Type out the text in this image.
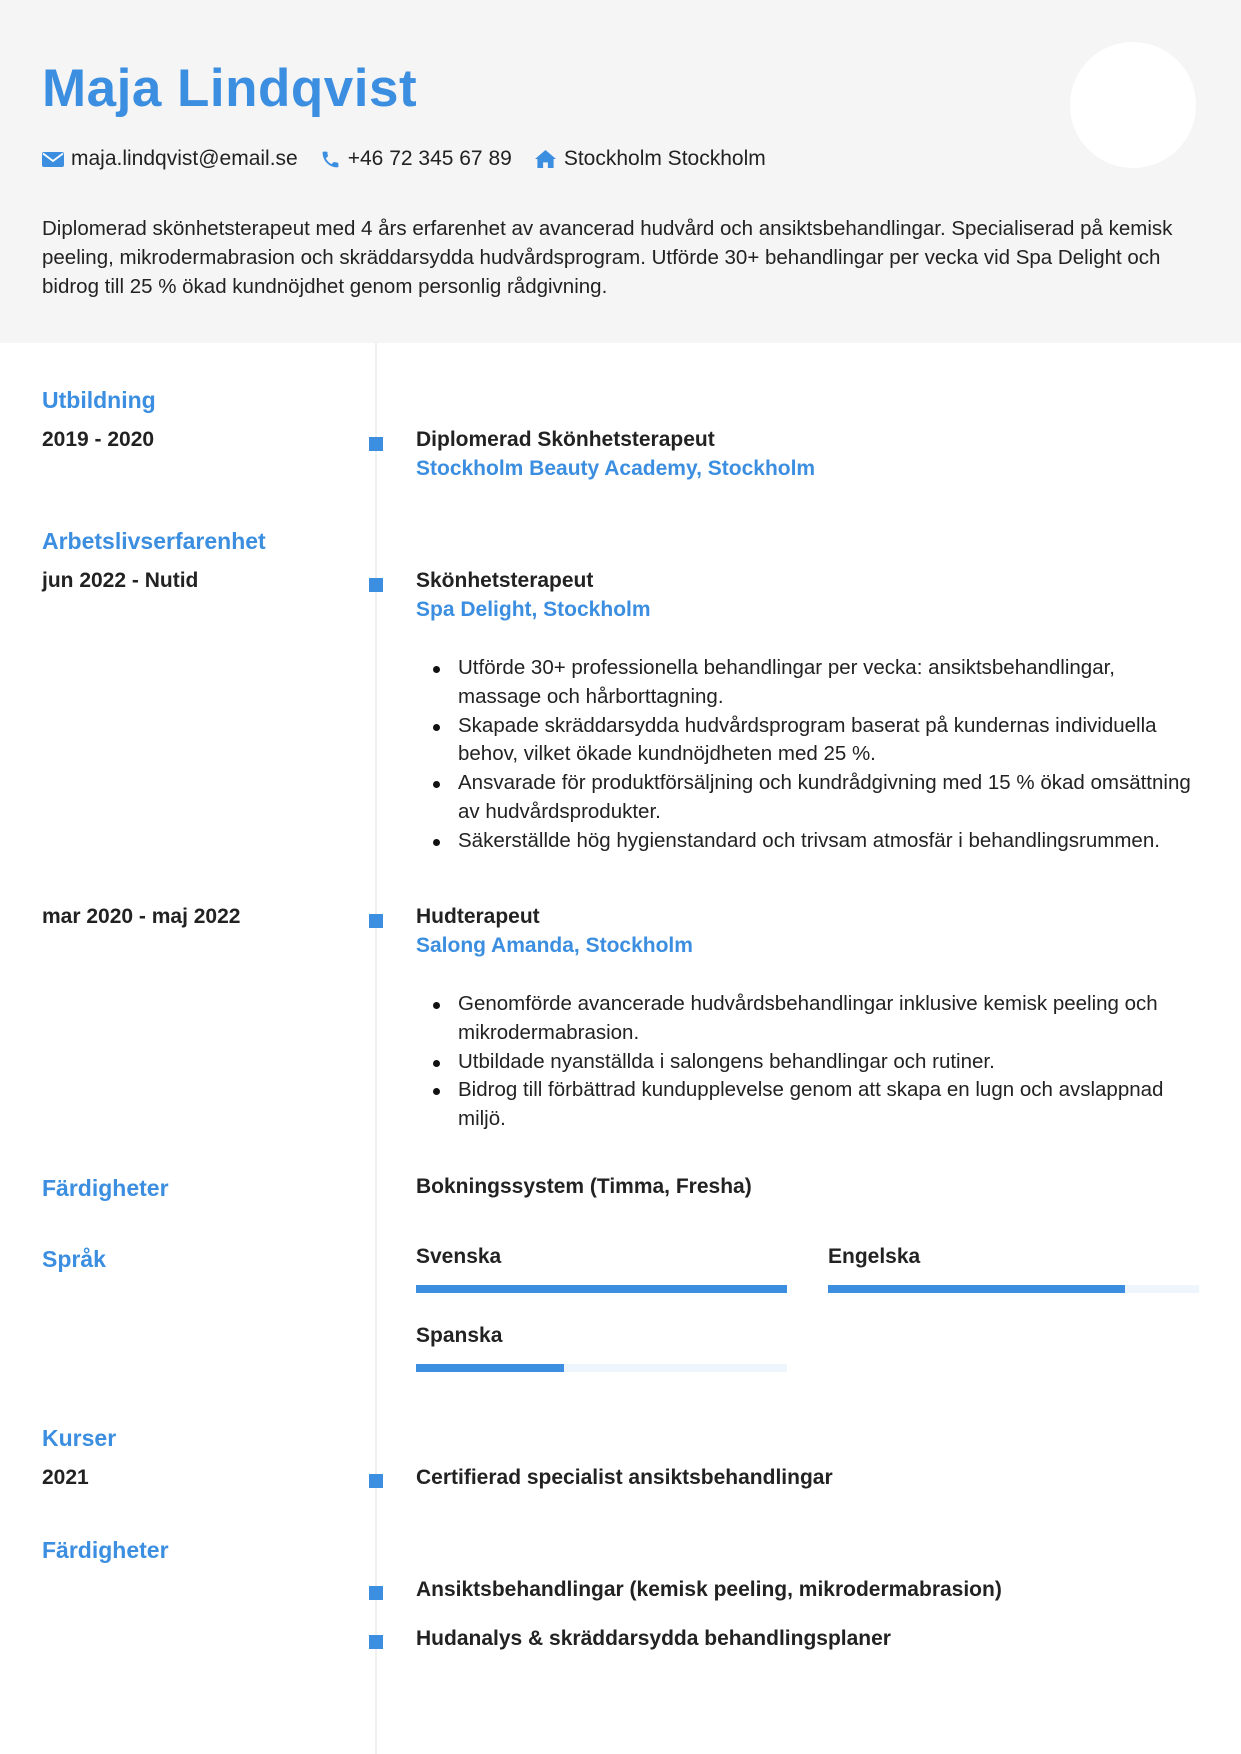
Maja Lindqvist
maja.lindqvist@email.se +46 72 345 67 89 Stockholm Stockholm
Diplomerad skönhetsterapeut med 4 års erfarenhet av avancerad hudvård och ansiktsbehandlingar. Specialiserad på kemisk peeling, mikrodermabrasion och skräddarsydda hudvårdsprogram. Utförde 30+ behandlingar per vecka vid Spa Delight och bidrog till 25 % ökad kundnöjdhet genom personlig rådgivning.
Utbildning
2019 - 2020	Diplomerad Skönhetsterapeut
Stockholm Beauty Academy, Stockholm
Arbetslivserfarenhet
jun 2022 - Nutid	Skönhetsterapeut
Spa Delight, Stockholm
Utförde 30+ professionella behandlingar per vecka: ansiktsbehandlingar, massage och hårborttagning.
Skapade skräddarsydda hudvårdsprogram baserat på kundernas individuella behov, vilket ökade kundnöjdheten med 25 %.
Ansvarade för produktförsäljning och kundrådgivning med 15 % ökad omsättning av hudvårdsprodukter.
Säkerställde hög hygienstandard och trivsam atmosfär i behandlingsrummen.
mar 2020 - maj 2022	Hudterapeut
Salong Amanda, Stockholm
Genomförde avancerade hudvårdsbehandlingar inklusive kemisk peeling och mikrodermabrasion.
Utbildade nyanställda i salongens behandlingar och rutiner.
Bidrog till förbättrad kundupplevelse genom att skapa en lugn och avslappnad miljö.
Färdigheter	Bokningssystem (Timma, Fresha)
Språk	Svenska	Engelska
Spanska
Kurser
2021	Certifierad specialist ansiktsbehandlingar
Färdigheter
Ansiktsbehandlingar (kemisk peeling, mikrodermabrasion)
Hudanalys & skräddarsydda behandlingsplaner
